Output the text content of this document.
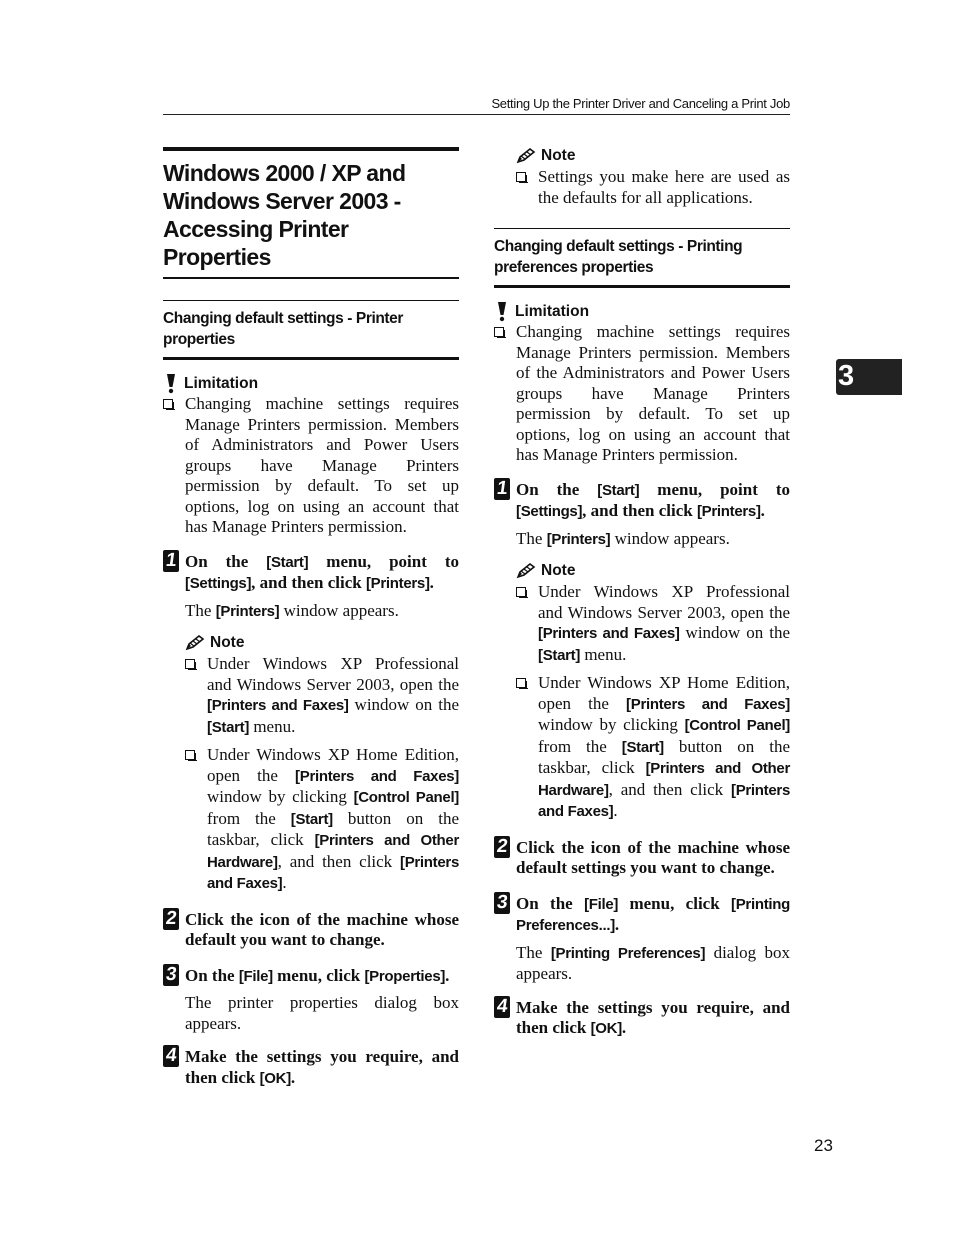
Setting Up the Printer Driver and Canceling a Print Job
Windows 2000 / XP and Windows Server 2003 - Accessing Printer Properties
Changing default settings - Printer properties
Limitation

Changing machine settings requires Manage Printers permission. Members of Administrators and Power Users groups have Manage Printers permission by default. To set up options, log on using an account that has Manage Printers permission.

1 On the [Start] menu, point to [Settings], and then click [Printers].
The [Printers] window appears.
Note

Under Windows XP Professional and Windows Server 2003, open the [Printers and Faxes] window on the [Start] menu.

Under Windows XP Home Edition, open the [Printers and Faxes] window by clicking [Control Panel] from the [Start] button on the taskbar, click [Printers and Other Hardware], and then click [Printers and Faxes].

2 Click the icon of the machine whose default you want to change.
3 On the [File] menu, click [Properties].
The printer properties dialog box appears.
4 Make the settings you require, and then click [OK].
Note

Settings you make here are used as the defaults for all applications.

Changing default settings - Printing preferences properties
Limitation

Changing machine settings requires Manage Printers permission. Members of the Administrators and Power Users groups have Manage Printers permission by default. To set up options, log on using an account that has Manage Printers permission.

1 On the [Start] menu, point to [Settings], and then click [Printers].
The [Printers] window appears.
Note

Under Windows XP Professional and Windows Server 2003, open the [Printers and Faxes] window on the [Start] menu.

Under Windows XP Home Edition, open the [Printers and Faxes] window by clicking [Control Panel] from the [Start] button on the taskbar, click [Printers and Other Hardware], and then click [Printers and Faxes].

2 Click the icon of the machine whose default settings you want to change.
3 On the [File] menu, click [Printing Preferences...].
The [Printing Preferences] dialog box appears.
4 Make the settings you require, and then click [OK].
3
23
